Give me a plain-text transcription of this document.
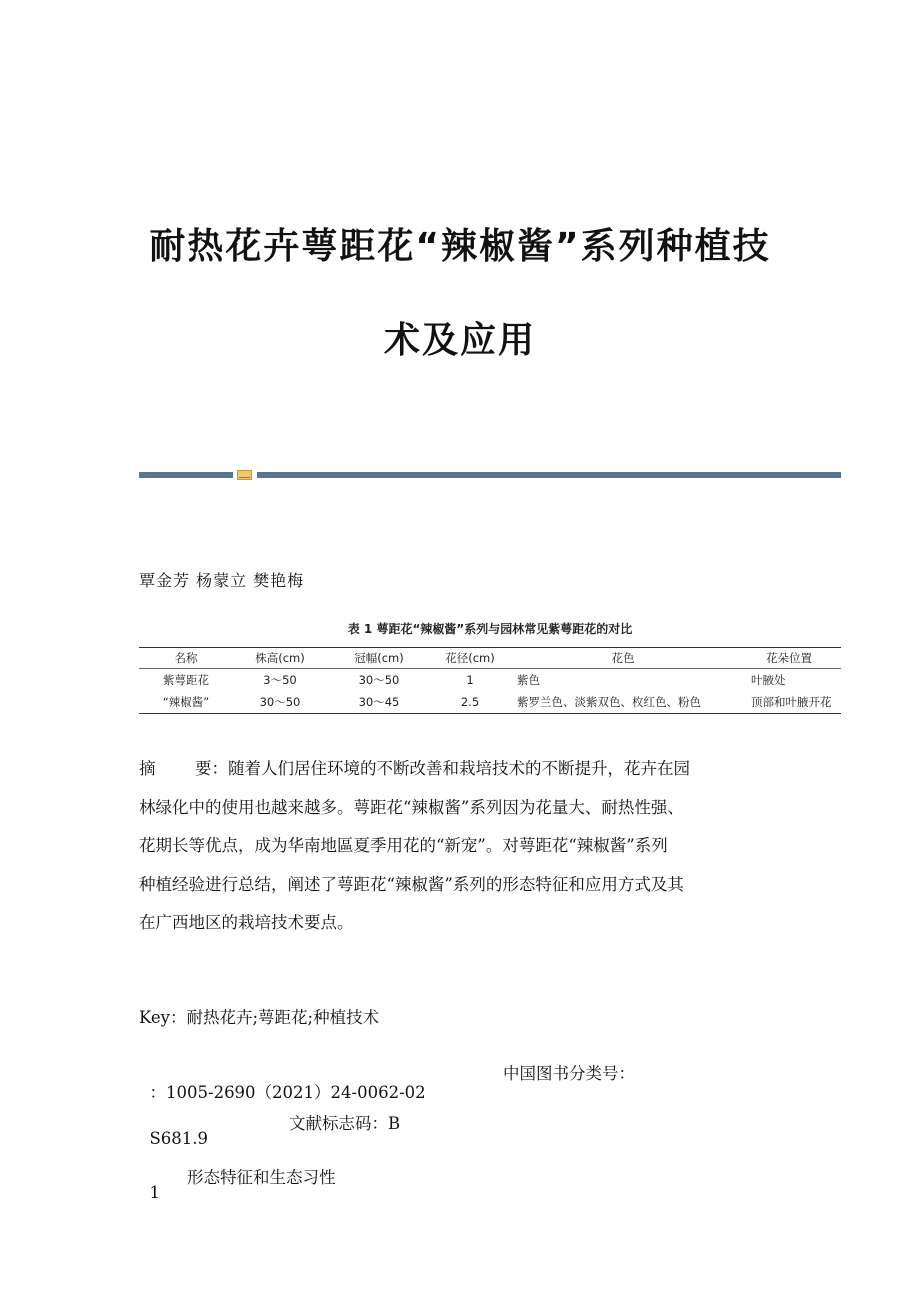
耐热花卉萼距花“辣椒酱”系列种植技
术及应用
覃金芳 杨蒙立 樊艳梅
表 1 萼距花“辣椒酱”系列与园林常见紫萼距花的对比
名称	株高(cm)	冠幅(cm)	花径(cm)	花色	花朵位置
紫萼距花	3～50	30～50	1	紫色	叶腋处
“辣椒酱”	30～50	30～45	2.5	紫罗兰色、淡紫双色、枚红色、粉色	顶部和叶腋开花
摘 要：随着人们居住环境的不断改善和栽培技术的不断提升，花卉在园
林绿化中的使用也越来越多。萼距花“辣椒酱”系列因为花量大、耐热性强、
花期长等优点，成为华南地區夏季用花的“新宠”。对萼距花“辣椒酱”系列
种植经验进行总结，阐述了萼距花“辣椒酱”系列的形态特征和应用方式及其
在广西地区的栽培技术要点。
Key：耐热花卉;萼距花;种植技术

：1005-2690（2021）24-0062-02

中国图书分类号：

S681.9

文献标志码：B

1

形态特征和生态习性
